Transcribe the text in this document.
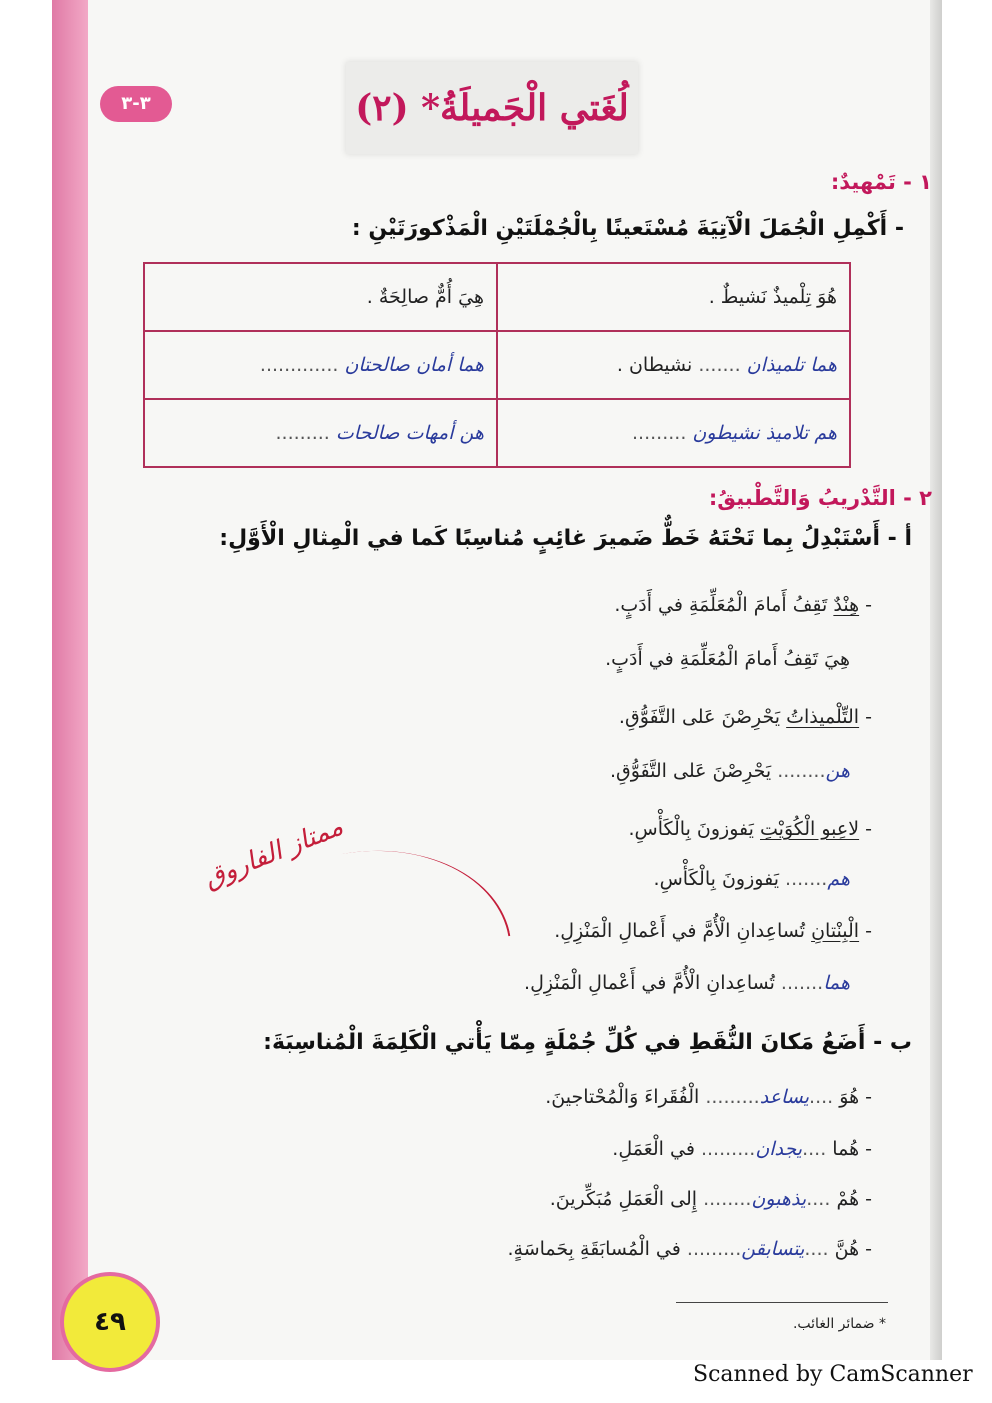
٣-٣	لُغَتي الْجَميلَةُ* (٢)
١ - تَمْهيدٌ:
- أَكْمِلِ الْجُمَلَ الْآتِيَةَ مُسْتَعينًا بِالْجُمْلَتَيْنِ الْمَذْكورَتَيْنِ :
هُوَ تِلْميذٌ نَشيطٌ .	هِيَ أُمٌّ صالِحَةٌ .
هما تلميذان ....... نشيطان .	هما أمان صالحتان .............
هم تلاميذ نشيطون .........	هن أمهات صالحات .........
٢ - التَّدْريبُ وَالتَّطْبيقُ:
أ - أَسْتَبْدِلُ بِما تَحْتَهُ خَطٌّ ضَميرَ غائِبٍ مُناسِبًا كَما في الْمِثالِ الْأَوَّلِ:
- هِنْدٌ تَقِفُ أَمامَ الْمُعَلِّمَةِ في أَدَبٍ.
هِيَ تَقِفُ أَمامَ الْمُعَلِّمَةِ في أَدَبٍ.
- التِّلْميذاتُ يَحْرِصْنَ عَلى التَّفَوُّقِ.
هن........ يَحْرِصْنَ عَلى التَّفَوُّقِ.
- لاعِبو الْكُوَيْتِ يَفوزونَ بِالْكَأْسِ.
هم....... يَفوزونَ بِالْكَأْسِ.
- الْبِنْتانِ تُساعِدانِ الْأُمَّ في أَعْمالِ الْمَنْزِلِ.
هما....... تُساعِدانِ الْأُمَّ في أَعْمالِ الْمَنْزِلِ.
ممتاز الفاروق
ب - أَضَعُ مَكانَ النُّقَطِ في كُلِّ جُمْلَةٍ مِمّا يَأْتي الْكَلِمَةَ الْمُناسِبَةَ:
- هُوَ ....يساعد......... الْفُقَراءَ وَالْمُحْتاجينَ.
- هُما ....يجدان......... في الْعَمَلِ.
- هُمْ ....يذهبون........ إِلى الْعَمَلِ مُبَكِّرينَ.
- هُنَّ ....يتسابقن......... في الْمُسابَقَةِ بِحَماسَةٍ.
٤٩	* ضمائر الغائب.
Scanned by CamScanner
